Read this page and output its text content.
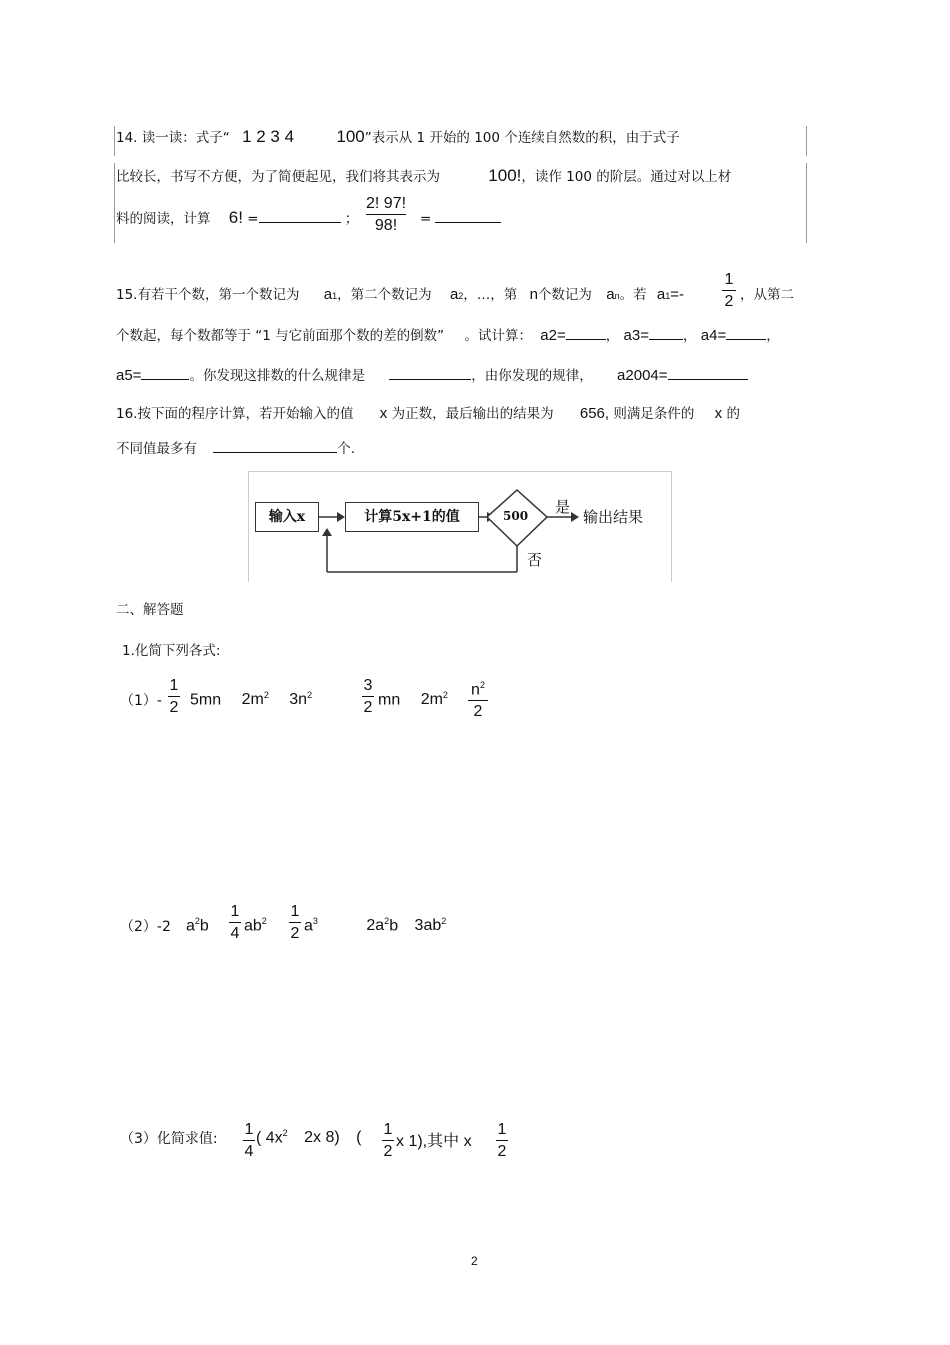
14. 读一读：式子“ 1 2 3 4 100”表示从 1 开始的 100 个连续自然数的积，由于式子
比较长，书写不方便，为了简便起见，我们将其表示为	100!，读作 100 的阶层。通过对以上材
料的阅读，计算 6! =	；
2! 97!
98!	=
15.有若干个数，第一个数记为 a1，第二个数记为 a2，…，第 n个数记为 an。若 a1=-
1
2 ，从第二
个数起，每个数都等于 “1 与它前面那个数的差的倒数” 。试计算： a2=	， a3=	， a4=	，
a5=	。你发现这排数的什么规律是	，由你发现的规律， a2004=
16.按下面的程序计算，若开始输入的值 x 为正数，最后输出的结果为 656, 则满足条件的 x 的
不同值最多有	个.
输入x	计算5x+1的值	500 是
输出结果
否
二、解答题
1.化简下列各式:
（1）-
1
2 5mn $2m^2$ $3n^2$
3
2 mn $2m^2$ $n^2$
2
（2）-2 $a^2b$
1
4 $ab^2$
1
2 $a^3$	$2a^2b$ $3ab^2$
（3）化简求值:
1
4
( $4x^2$ 2x 8) ( 1
2
x 1),其中 x
1
2
2
